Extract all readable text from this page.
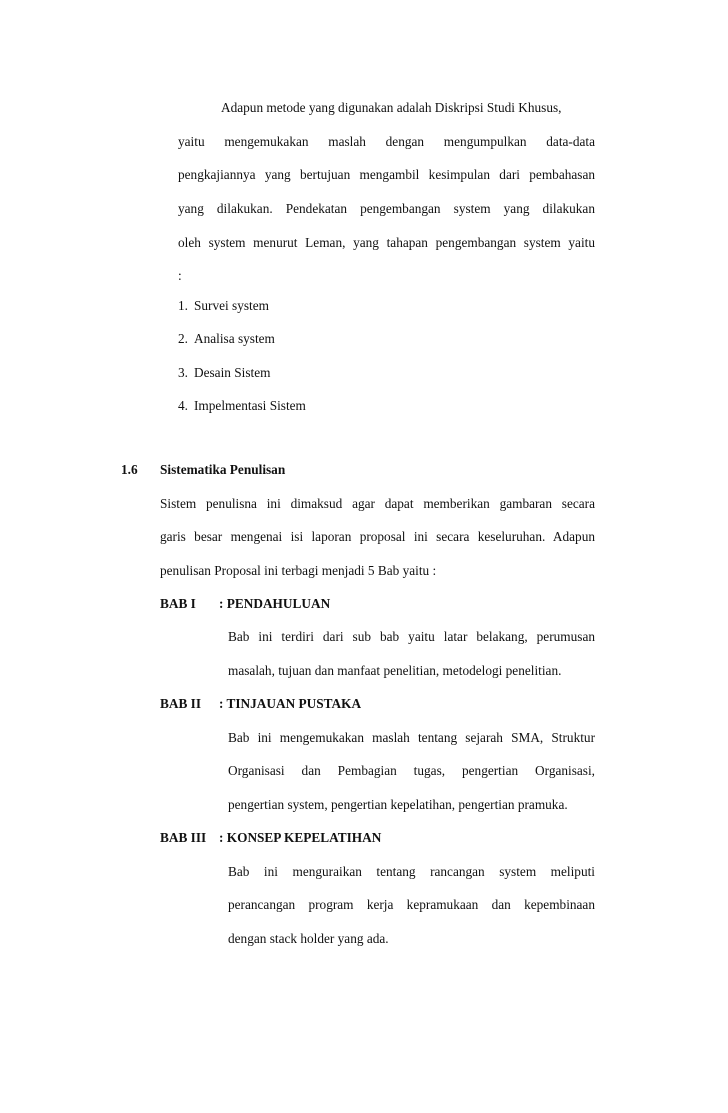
Adapun metode yang digunakan adalah Diskripsi Studi Khusus,
yaitu mengemukakan maslah dengan mengumpulkan data-data
pengkajiannya yang bertujuan mengambil kesimpulan dari pembahasan
yang dilakukan. Pendekatan pengembangan system yang dilakukan
oleh system menurut Leman, yang tahapan pengembangan system yaitu
:
1. Survei system
2. Analisa system
3. Desain Sistem
4. Impelmentasi Sistem
1.6 Sistematika Penulisan
Sistem penulisna ini dimaksud agar dapat memberikan gambaran secara
garis besar mengenai isi laporan proposal ini secara keseluruhan. Adapun
penulisan Proposal ini terbagi menjadi 5 Bab yaitu :
BAB I : PENDAHULUAN
Bab ini terdiri dari sub bab yaitu latar belakang, perumusan
masalah, tujuan dan manfaat penelitian, metodelogi penelitian.
BAB II : TINJAUAN PUSTAKA
Bab ini mengemukakan maslah tentang sejarah SMA, Struktur
Organisasi dan Pembagian tugas, pengertian Organisasi,
pengertian system, pengertian kepelatihan, pengertian pramuka.
BAB III : KONSEP KEPELATIHAN
Bab ini menguraikan tentang rancangan system meliputi
perancangan program kerja kepramukaan dan kepembinaan
dengan stack holder yang ada.
